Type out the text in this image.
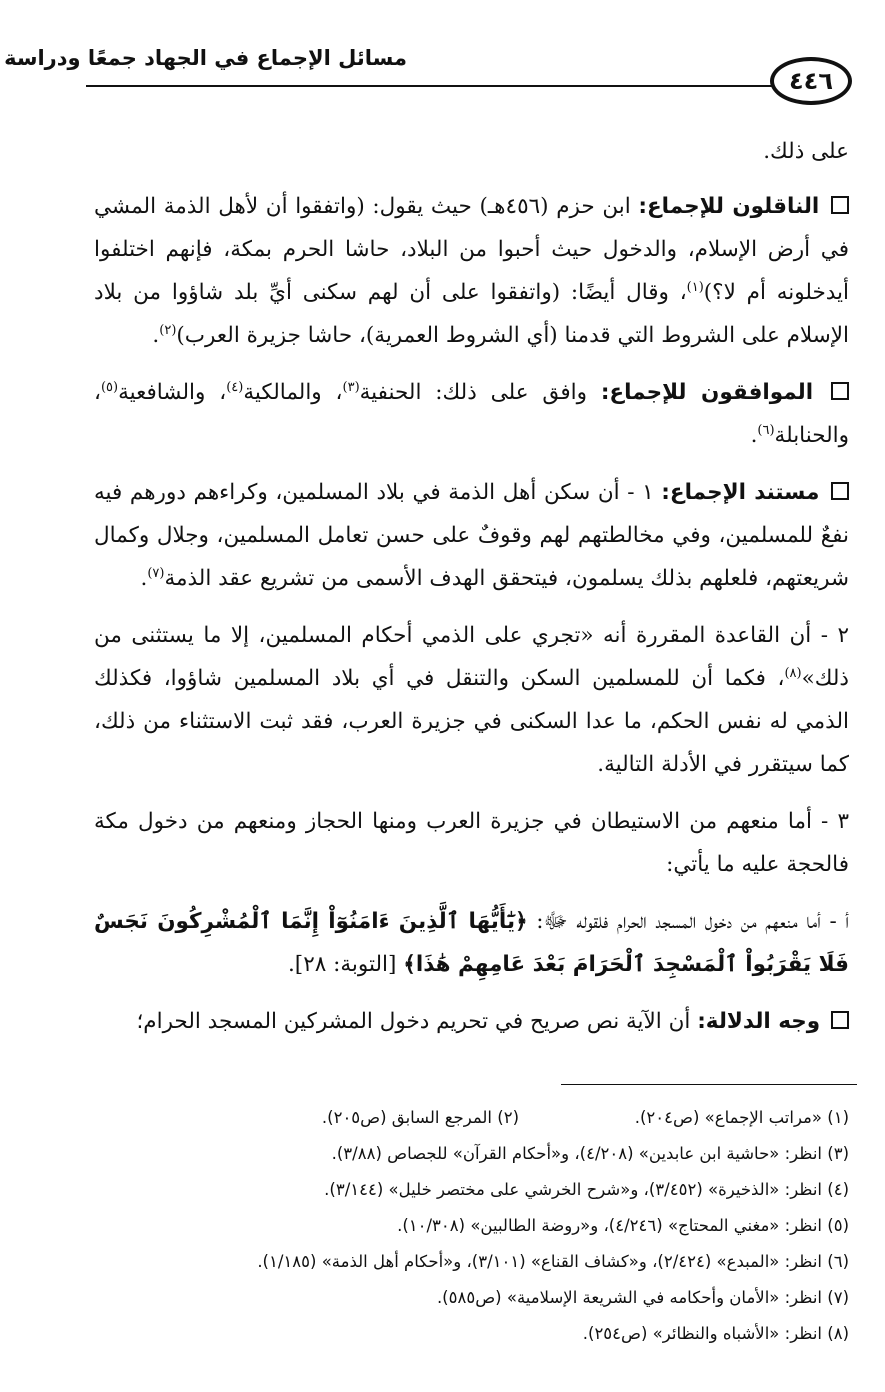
مسائل الإجماع في الجهاد جمعًا ودراسة
٤٤٦

على ذلك.

الناقلون للإجماع: ابن حزم (٤٥٦هـ) حيث يقول: (واتفقوا أن لأهل الذمة المشي في أرض الإسلام، والدخول حيث أحبوا من البلاد، حاشا الحرم بمكة، فإنهم اختلفوا أيدخلونه أم لا؟)$^{(١)}$، وقال أيضًا: (واتفقوا على أن لهم سكنى أيِّ بلد شاؤوا من بلاد الإسلام على الشروط التي قدمنا (أي الشروط العمرية)، حاشا جزيرة العرب)$^{(٢)}$.

الموافقون للإجماع: وافق على ذلك: الحنفية$^{(٣)}$، والمالكية$^{(٤)}$، والشافعية$^{(٥)}$، والحنابلة$^{(٦)}$.

مستند الإجماع: ١ - أن سكن أهل الذمة في بلاد المسلمين، وكراءهم دورهم فيه نفعٌ للمسلمين، وفي مخالطتهم لهم وقوفٌ على حسن تعامل المسلمين، وجلال وكمال شريعتهم، فلعلهم بذلك يسلمون، فيتحقق الهدف الأسمى من تشريع عقد الذمة$^{(٧)}$.

٢ - أن القاعدة المقررة أنه «تجري على الذمي أحكام المسلمين، إلا ما يستثنى من ذلك»$^{(٨)}$، فكما أن للمسلمين السكن والتنقل في أي بلاد المسلمين شاؤوا، فكذلك الذمي له نفس الحكم، ما عدا السكنى في جزيرة العرب، فقد ثبت الاستثناء من ذلك، كما سيتقرر في الأدلة التالية.

٣ - أما منعهم من الاستيطان في جزيرة العرب ومنها الحجاز ومنعهم من دخول مكة فالحجة عليه ما يأتي:

أ - أما منعهم من دخول المسجد الحرام فلقوله ﷻ: ﴿يَٰٓأَيُّهَا ٱلَّذِينَ ءَامَنُوٓاْ إِنَّمَا ٱلْمُشْرِكُونَ نَجَسٌ فَلَا يَقْرَبُواْ ٱلْمَسْجِدَ ٱلْحَرَامَ بَعْدَ عَامِهِمْ هَٰذَا﴾ [التوبة: ٢٨].

وجه الدلالة: أن الآية نص صريح في تحريم دخول المشركين المسجد الحرام؛

(١) «مراتب الإجماع» (ص٢٠٤).
(٢) المرجع السابق (ص٢٠٥).
(٣) انظر: «حاشية ابن عابدين» (٤/٢٠٨)، و«أحكام القرآن» للجصاص (٣/٨٨).
(٤) انظر: «الذخيرة» (٣/٤٥٢)، و«شرح الخرشي على مختصر خليل» (٣/١٤٤).
(٥) انظر: «مغني المحتاج» (٤/٢٤٦)، و«روضة الطالبين» (١٠/٣٠٨).
(٦) انظر: «المبدع» (٢/٤٢٤)، و«كشاف القناع» (٣/١٠١)، و«أحكام أهل الذمة» (١/١٨٥).
(٧) انظر: «الأمان وأحكامه في الشريعة الإسلامية» (ص٥٨٥).
(٨) انظر: «الأشباه والنظائر» (ص٢٥٤).
